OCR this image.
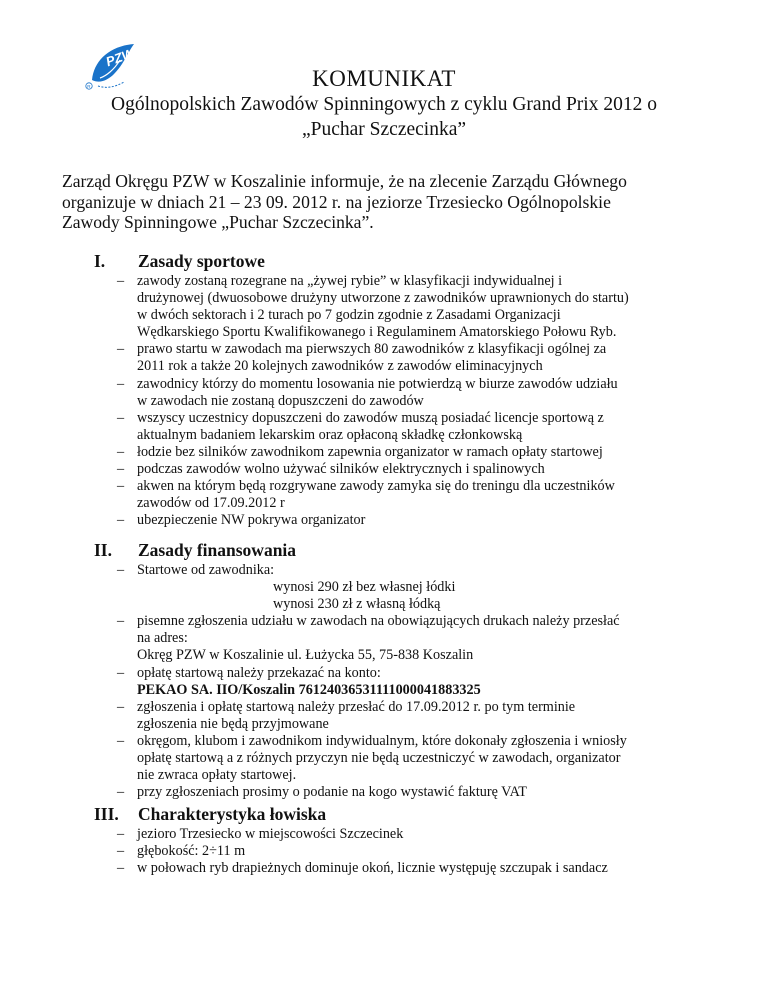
PZW
R	KOMUNIKAT
Ogólnopolskich Zawodów Spinningowych z cyklu Grand Prix 2012 o
„Puchar Szczecinka”
Zarząd Okręgu PZW w Koszalinie informuje, że na zlecenie Zarządu Głównego
organizuje w dniach 21 – 23 09. 2012 r. na jeziorze Trzesiecko Ogólnopolskie
Zawody Spinningowe „Puchar Szczecinka”.
I. Zasady sportowe
– zawody zostaną rozegrane na „żywej rybie” w klasyfikacji indywidualnej i
drużynowej (dwuosobowe drużyny utworzone z zawodników uprawnionych do startu)
w dwóch sektorach i 2 turach po 7 godzin zgodnie z Zasadami Organizacji
Wędkarskiego Sportu Kwalifikowanego i Regulaminem Amatorskiego Połowu Ryb.
– prawo startu w zawodach ma pierwszych 80 zawodników z klasyfikacji ogólnej za
2011 rok a także 20 kolejnych zawodników z zawodów eliminacyjnych
– zawodnicy którzy do momentu losowania nie potwierdzą w biurze zawodów udziału
w zawodach nie zostaną dopuszczeni do zawodów
– wszyscy uczestnicy dopuszczeni do zawodów muszą posiadać licencje sportową z
aktualnym badaniem lekarskim oraz opłaconą składkę członkowską
– łodzie bez silników zawodnikom zapewnia organizator w ramach opłaty startowej
– podczas zawodów wolno używać silników elektrycznych i spalinowych
– akwen na którym będą rozgrywane zawody zamyka się do treningu dla uczestników
zawodów od 17.09.2012 r
– ubezpieczenie NW pokrywa organizator
II. Zasady finansowania
– Startowe od zawodnika:
wynosi 290 zł bez własnej łódki
wynosi 230 zł z własną łódką
– pisemne zgłoszenia udziału w zawodach na obowiązujących drukach należy przesłać
na adres:
Okręg PZW w Koszalinie ul. Łużycka 55, 75-838 Koszalin
– opłatę startową należy przekazać na konto:
PEKAO SA. IIO/Koszalin 76124036531111000041883325
– zgłoszenia i opłatę startową należy przesłać do 17.09.2012 r. po tym terminie
zgłoszenia nie będą przyjmowane
– okręgom, klubom i zawodnikom indywidualnym, które dokonały zgłoszenia i wniosły
opłatę startową a z różnych przyczyn nie będą uczestniczyć w zawodach, organizator
nie zwraca opłaty startowej.
– przy zgłoszeniach prosimy o podanie na kogo wystawić fakturę VAT
III. Charakterystyka łowiska
– jezioro Trzesiecko w miejscowości Szczecinek
– głębokość: 2÷11 m
– w połowach ryb drapieżnych dominuje okoń, licznie występuję szczupak i sandacz
